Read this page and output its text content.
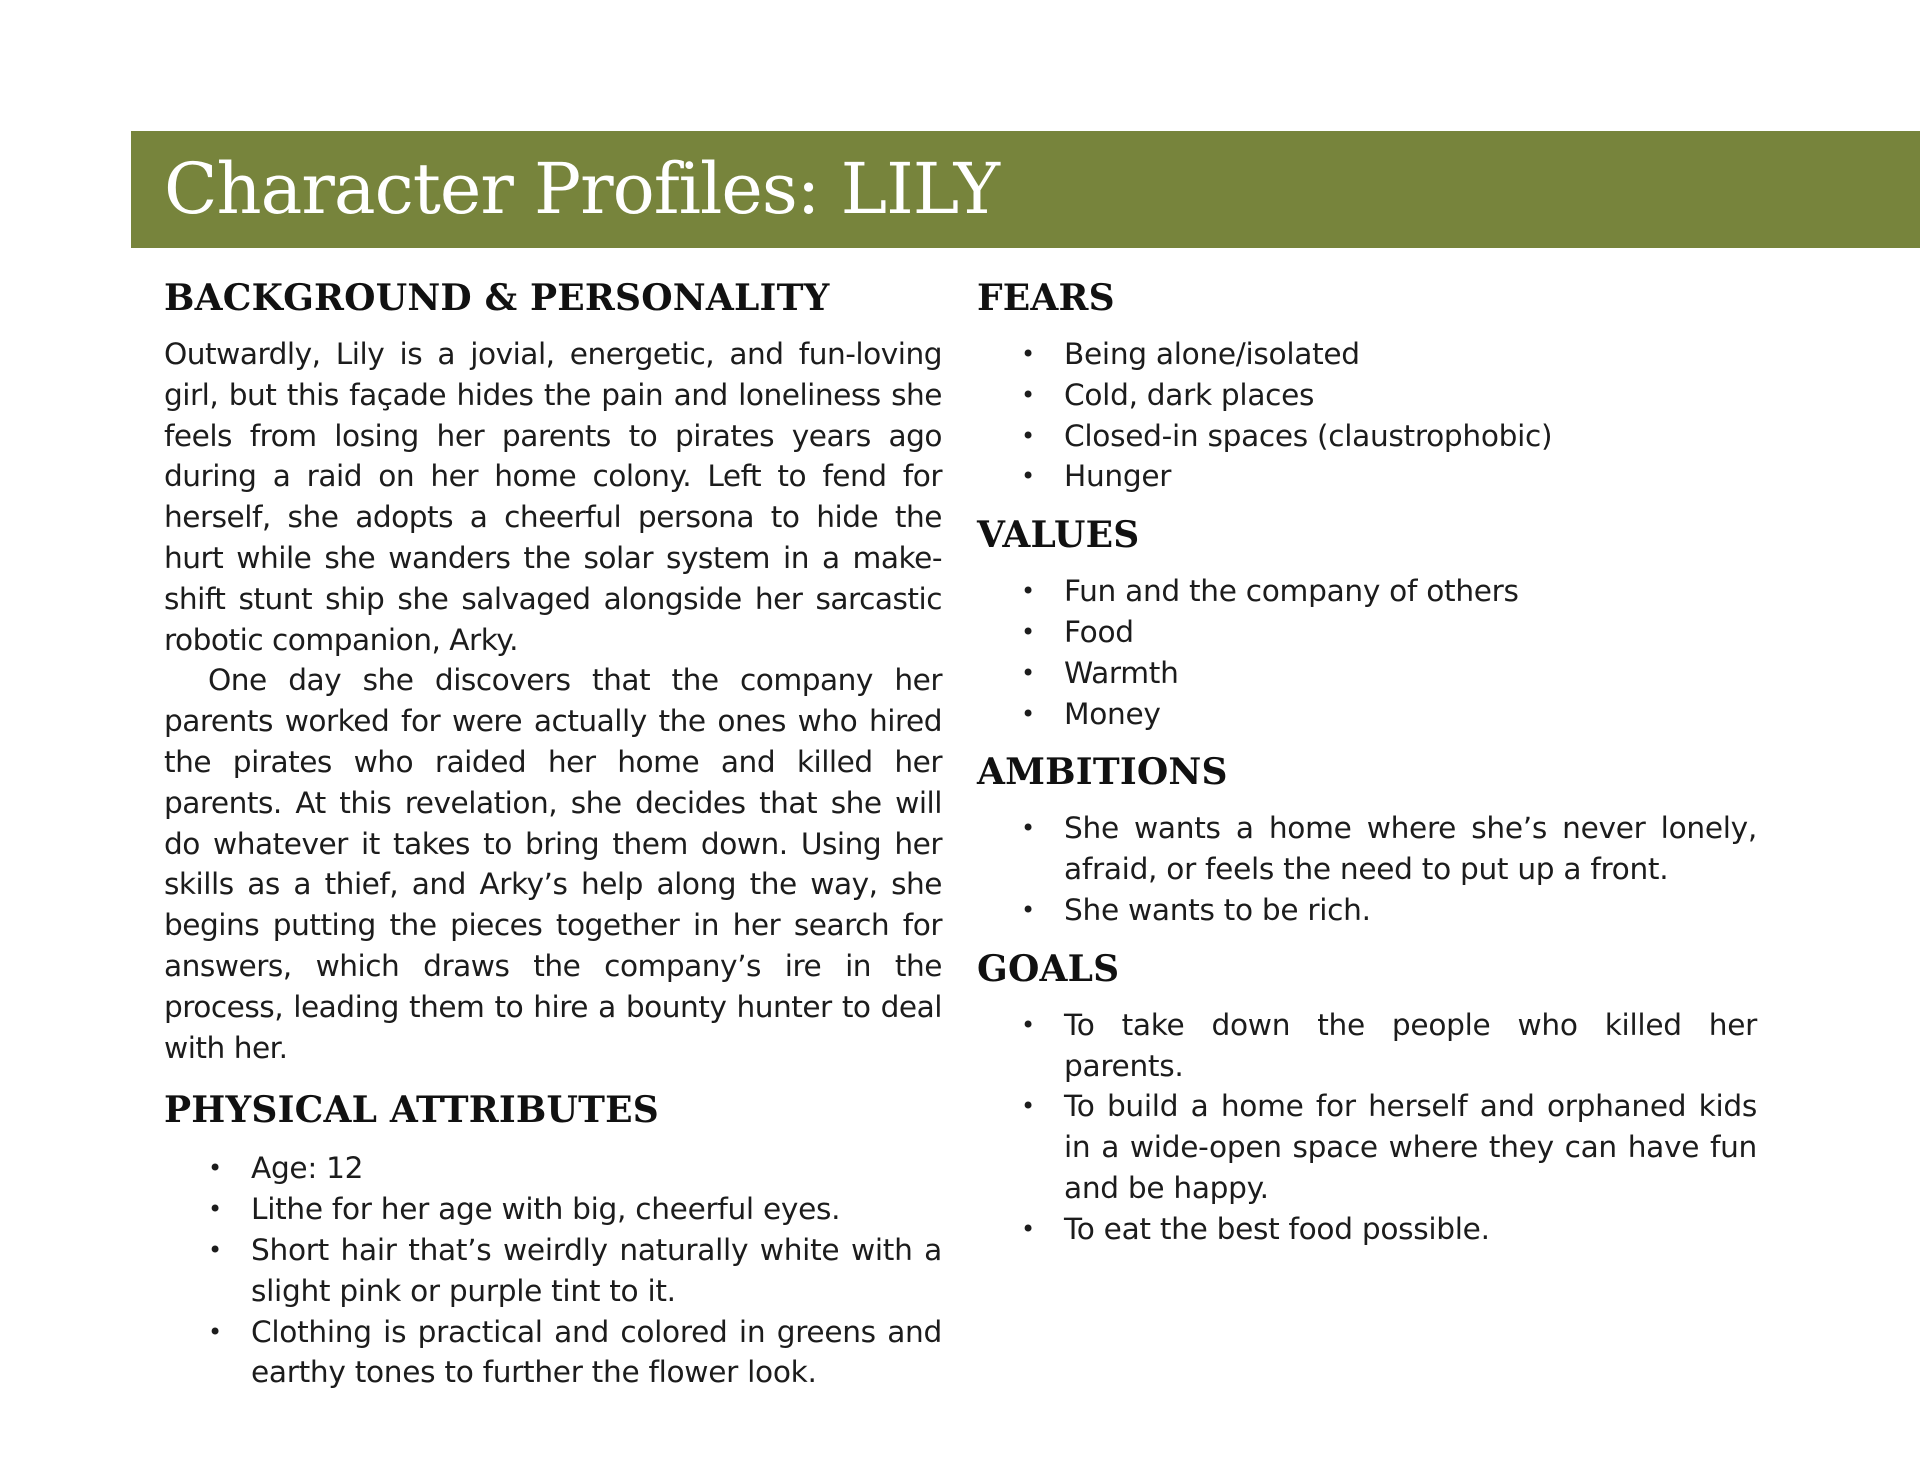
Character Profiles: LILY
BACKGROUND & PERSONALITY

Outwardly, Lily is a jovial, energetic, and fun-loving girl, but this façade hides the pain and loneliness she feels from losing her parents to pirates years ago during a raid on her home colony. Left to fend for herself, she adopts a cheerful persona to hide the hurt while she wanders the solar system in a make-shift stunt ship she salvaged alongside her sarcastic robotic companion, Arky.

One day she discovers that the company her parents worked for were actually the ones who hired the pirates who raided her home and killed her parents. At this revelation, she decides that she will do whatever it takes to bring them down. Using her skills as a thief, and Arky’s help along the way, she begins putting the pieces together in her search for answers, which draws the company’s ire in the process, leading them to hire a bounty hunter to deal with her.

PHYSICAL ATTRIBUTES
• Age: 12
• Lithe for her age with big, cheerful eyes.
• Short hair that’s weirdly naturally white with a slight pink or purple tint to it.
• Clothing is practical and colored in greens and earthy tones to further the flower look.
FEARS
• Being alone/isolated
• Cold, dark places
• Closed-in spaces (claustrophobic)
• Hunger
VALUES
• Fun and the company of others
• Food
• Warmth
• Money
AMBITIONS
• She wants a home where she’s never lonely, afraid, or feels the need to put up a front.
• She wants to be rich.
GOALS
• To take down the people who killed her parents.
• To build a home for herself and orphaned kids in a wide-open space where they can have fun and be happy.
• To eat the best food possible.
